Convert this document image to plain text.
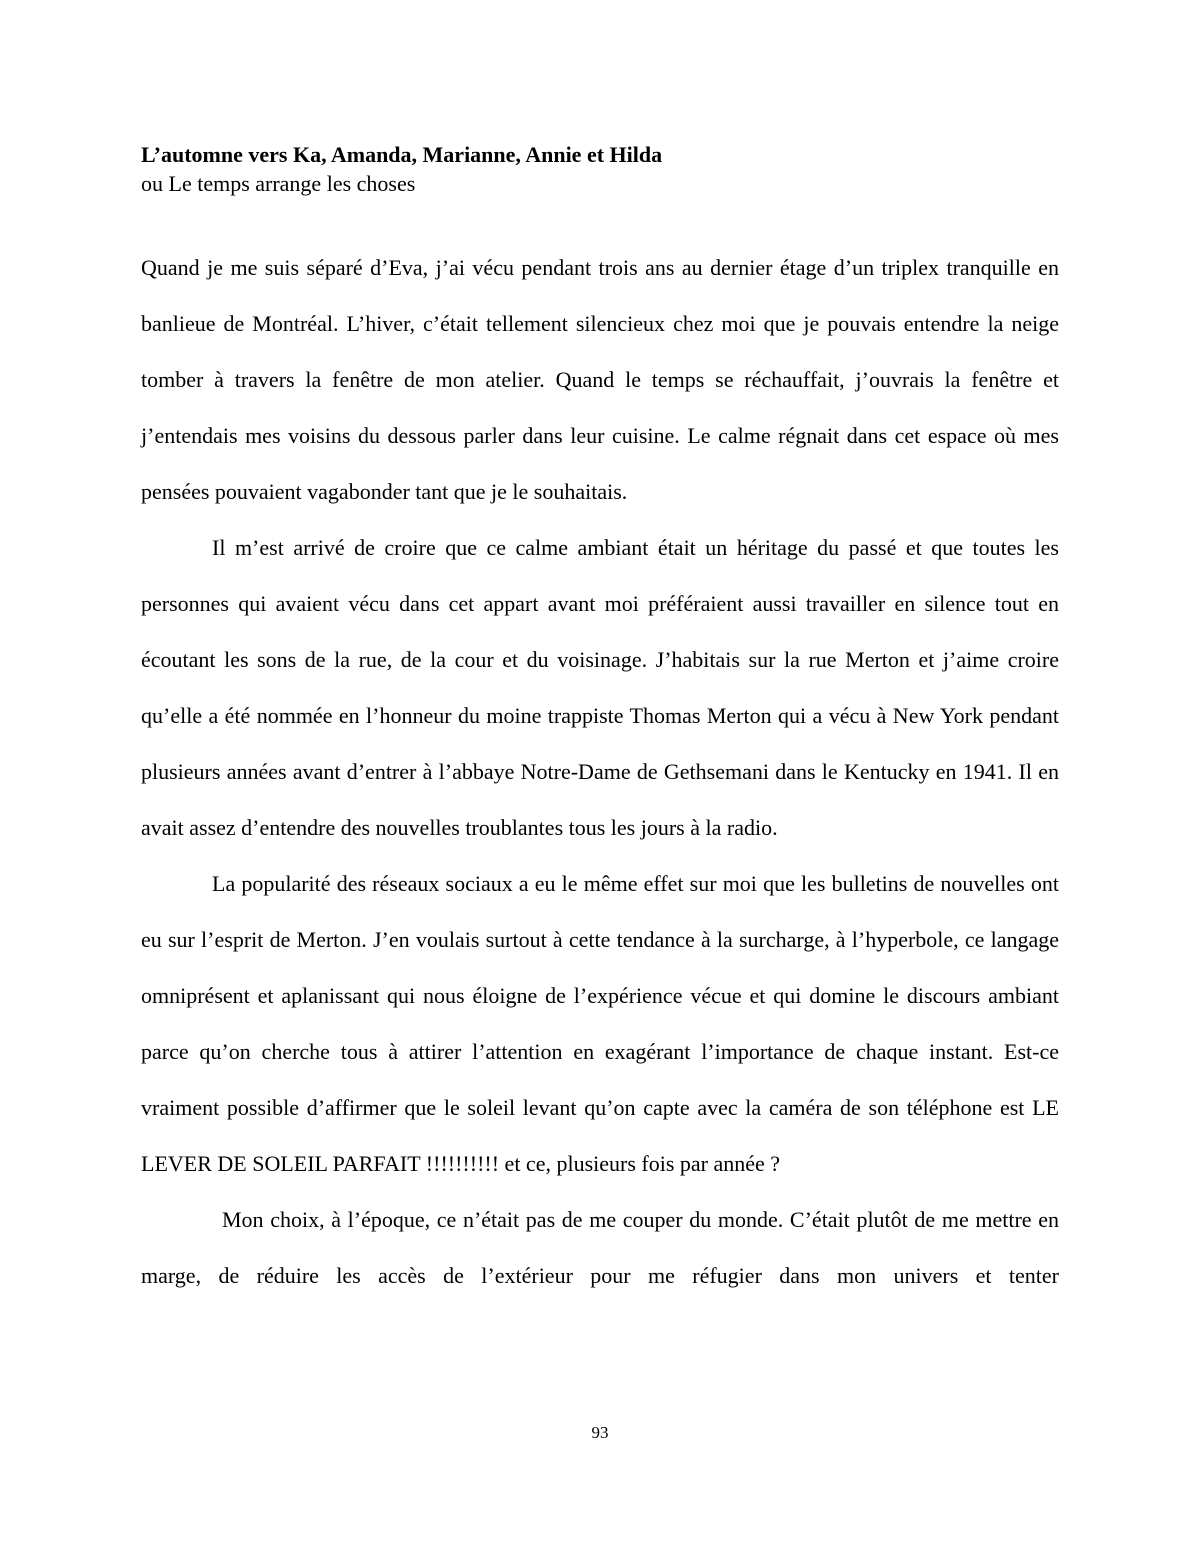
L’automne vers Ka, Amanda, Marianne, Annie et Hilda

ou Le temps arrange les choses

Quand je me suis séparé d’Eva, j’ai vécu pendant trois ans au dernier étage d’un triplex tranquille en banlieue de Montréal. L’hiver, c’était tellement silencieux chez moi que je pouvais entendre la neige tomber à travers la fenêtre de mon atelier. Quand le temps se réchauffait, j’ouvrais la fenêtre et j’entendais mes voisins du dessous parler dans leur cuisine. Le calme régnait dans cet espace où mes pensées pouvaient vagabonder tant que je le souhaitais.

Il m’est arrivé de croire que ce calme ambiant était un héritage du passé et que toutes les personnes qui avaient vécu dans cet appart avant moi préféraient aussi travailler en silence tout en écoutant les sons de la rue, de la cour et du voisinage. J’habitais sur la rue Merton et j’aime croire qu’elle a été nommée en l’honneur du moine trappiste Thomas Merton qui a vécu à New York pendant plusieurs années avant d’entrer à l’abbaye Notre-Dame de Gethsemani dans le Kentucky en 1941. Il en avait assez d’entendre des nouvelles troublantes tous les jours à la radio.

La popularité des réseaux sociaux a eu le même effet sur moi que les bulletins de nouvelles ont eu sur l’esprit de Merton. J’en voulais surtout à cette tendance à la surcharge, à l’hyperbole, ce langage omniprésent et aplanissant qui nous éloigne de l’expérience vécue et qui domine le discours ambiant parce qu’on cherche tous à attirer l’attention en exagérant l’importance de chaque instant. Est-ce vraiment possible d’affirmer que le soleil levant qu’on capte avec la caméra de son téléphone est LE LEVER DE SOLEIL PARFAIT !!!!!!!!!! et ce, plusieurs fois par année ?

Mon choix, à l’époque, ce n’était pas de me couper du monde. C’était plutôt de me mettre en marge, de réduire les accès de l’extérieur pour me réfugier dans mon univers et tenter

93
